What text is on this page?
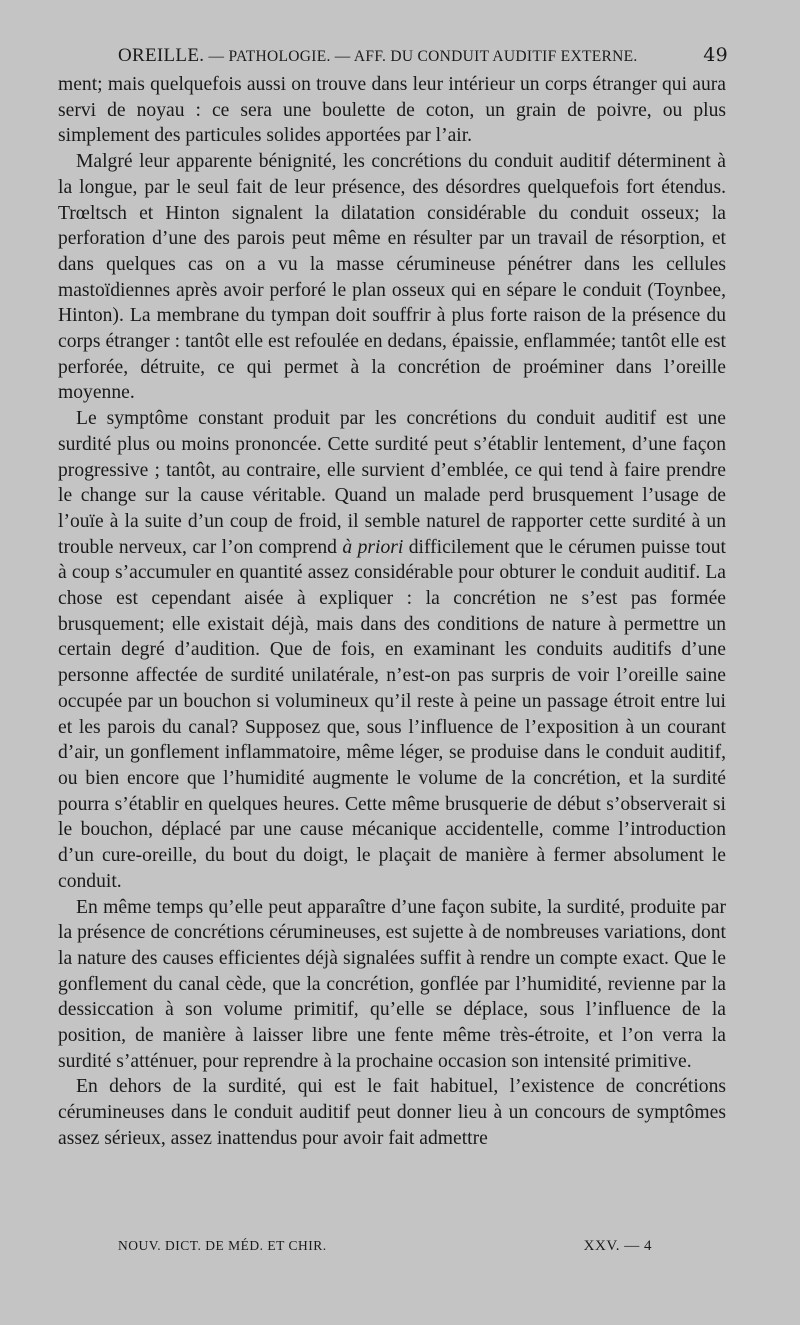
OREILLE. — PATHOLOGIE. — AFF. DU CONDUIT AUDITIF EXTERNE.	49

ment; mais quelquefois aussi on trouve dans leur intérieur un corps étranger qui aura servi de noyau : ce sera une boulette de coton, un grain de poivre, ou plus simplement des particules solides apportées par l’air.

Malgré leur apparente bénignité, les concrétions du conduit auditif déterminent à la longue, par le seul fait de leur présence, des désordres quelquefois fort étendus. Trœltsch et Hinton signalent la dilatation considérable du conduit osseux; la perforation d’une des parois peut même en résulter par un travail de résorption, et dans quelques cas on a vu la masse cérumineuse pénétrer dans les cellules mastoïdiennes après avoir perforé le plan osseux qui en sépare le conduit (Toynbee, Hinton). La membrane du tympan doit souffrir à plus forte raison de la présence du corps étranger : tantôt elle est refoulée en dedans, épaissie, enflammée; tantôt elle est perforée, détruite, ce qui permet à la concrétion de proéminer dans l’oreille moyenne.

Le symptôme constant produit par les concrétions du conduit auditif est une surdité plus ou moins prononcée. Cette surdité peut s’établir lentement, d’une façon progressive ; tantôt, au contraire, elle survient d’emblée, ce qui tend à faire prendre le change sur la cause véritable. Quand un malade perd brusquement l’usage de l’ouïe à la suite d’un coup de froid, il semble naturel de rapporter cette surdité à un trouble nerveux, car l’on comprend à priori difficilement que le cérumen puisse tout à coup s’accumuler en quantité assez considérable pour obturer le conduit auditif. La chose est cependant aisée à expliquer : la concrétion ne s’est pas formée brusquement; elle existait déjà, mais dans des conditions de nature à permettre un certain degré d’audition. Que de fois, en examinant les conduits auditifs d’une personne affectée de surdité unilatérale, n’est-on pas surpris de voir l’oreille saine occupée par un bouchon si volumineux qu’il reste à peine un passage étroit entre lui et les parois du canal? Supposez que, sous l’influence de l’exposition à un courant d’air, un gonflement inflammatoire, même léger, se produise dans le conduit auditif, ou bien encore que l’humidité augmente le volume de la concrétion, et la surdité pourra s’établir en quelques heures. Cette même brusquerie de début s’observerait si le bouchon, déplacé par une cause mécanique accidentelle, comme l’introduction d’un cure-oreille, du bout du doigt, le plaçait de manière à fermer absolument le conduit.

En même temps qu’elle peut apparaître d’une façon subite, la surdité, produite par la présence de concrétions cérumineuses, est sujette à de nombreuses variations, dont la nature des causes efficientes déjà signalées suffit à rendre un compte exact. Que le gonflement du canal cède, que la concrétion, gonflée par l’humidité, revienne par la dessiccation à son volume primitif, qu’elle se déplace, sous l’influence de la position, de manière à laisser libre une fente même très-étroite, et l’on verra la surdité s’atténuer, pour reprendre à la prochaine occasion son intensité primitive.

En dehors de la surdité, qui est le fait habituel, l’existence de concrétions cérumineuses dans le conduit auditif peut donner lieu à un concours de symptômes assez sérieux, assez inattendus pour avoir fait admettre

NOUV. DICT. DE MÉD. ET CHIR.	XXV. — 4
